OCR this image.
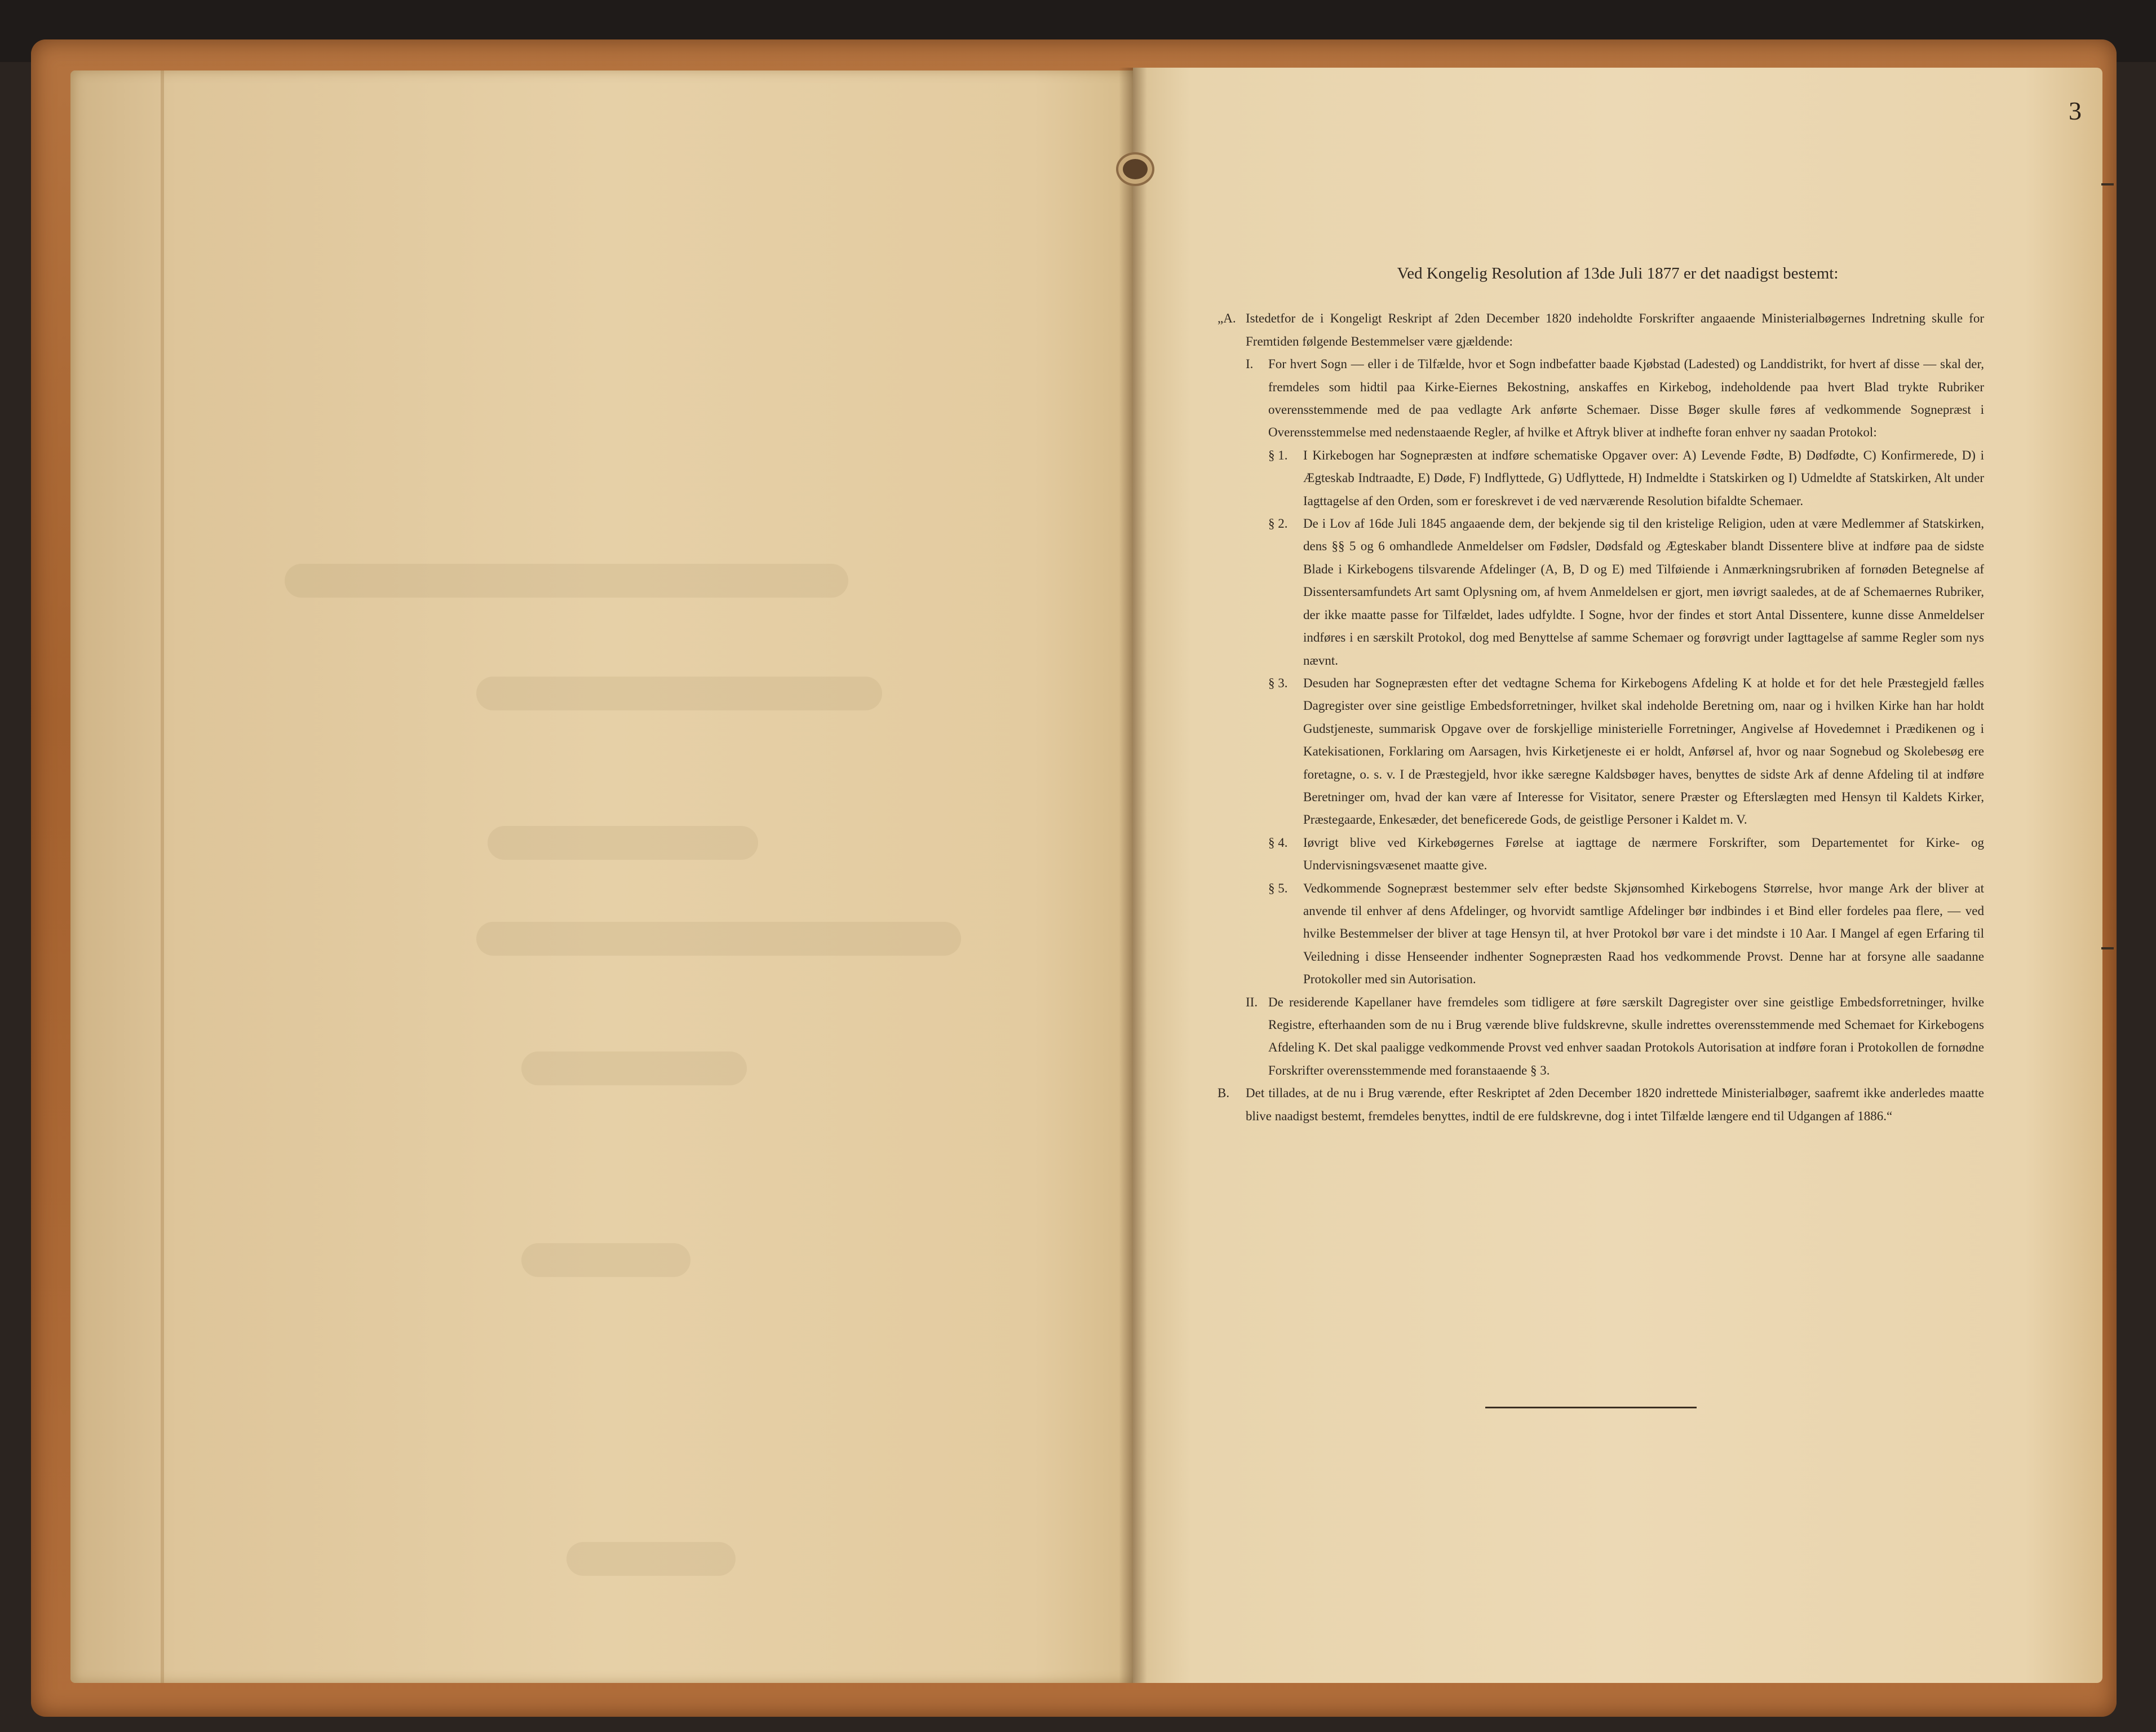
3
Ved Kongelig Resolution af 13de Juli 1877 er det naadigst bestemt:
„A. Istedetfor de i Kongeligt Reskript af 2den December 1820 indeholdte Forskrifter angaaende Ministerialbøgernes Indretning skulle for Fremtiden følgende Bestemmelser være gjældende:
I.	For hvert Sogn — eller i de Tilfælde, hvor et Sogn indbefatter baade Kjøbstad (Ladested) og Landdistrikt, for hvert af disse — skal der, fremdeles som hidtil paa Kirke-Eiernes Bekostning, anskaffes en Kirkebog, indeholdende paa hvert Blad trykte Rubriker overensstemmende med de paa vedlagte Ark anførte Schemaer. Disse Bøger skulle føres af vedkommende Sognepræst i Overensstemmelse med nedenstaaende Regler, af hvilke et Aftryk bliver at indhefte foran enhver ny saadan Protokol:
§ 1.	I Kirkebogen har Sognepræsten at indføre schematiske Opgaver over: A) Levende Fødte, B) Dødfødte, C) Konfirmerede, D) i Ægteskab Indtraadte, E) Døde, F) Indflyttede, G) Udflyttede, H) Indmeldte i Statskirken og I) Udmeldte af Statskirken, Alt under Iagttagelse af den Orden, som er foreskrevet i de ved nærværende Resolution bifaldte Schemaer.
§ 2.	De i Lov af 16de Juli 1845 angaaende dem, der bekjende sig til den kristelige Religion, uden at være Medlemmer af Statskirken, dens §§ 5 og 6 omhandlede Anmeldelser om Fødsler, Dødsfald og Ægteskaber blandt Dissentere blive at indføre paa de sidste Blade i Kirkebogens tilsvarende Afdelinger (A, B, D og E) med Tilføiende i Anmærkningsrubriken af fornøden Betegnelse af Dissentersamfundets Art samt Oplysning om, af hvem Anmeldelsen er gjort, men iøvrigt saaledes, at de af Schemaernes Rubriker, der ikke maatte passe for Tilfældet, lades udfyldte. I Sogne, hvor der findes et stort Antal Dissentere, kunne disse Anmeldelser indføres i en særskilt Protokol, dog med Benyttelse af samme Schemaer og forøvrigt under Iagttagelse af samme Regler som nys nævnt.
§ 3.	Desuden har Sognepræsten efter det vedtagne Schema for Kirkebogens Afdeling K at holde et for det hele Præstegjeld fælles Dagregister over sine geistlige Embedsforretninger, hvilket skal indeholde Beretning om, naar og i hvilken Kirke han har holdt Gudstjeneste, summarisk Opgave over de forskjellige ministerielle Forretninger, Angivelse af Hovedemnet i Prædikenen og i Katekisationen, Forklaring om Aarsagen, hvis Kirketjeneste ei er holdt, Anførsel af, hvor og naar Sognebud og Skolebesøg ere foretagne, o. s. v. I de Præstegjeld, hvor ikke særegne Kaldsbøger haves, benyttes de sidste Ark af denne Afdeling til at indføre Beretninger om, hvad der kan være af Interesse for Visitator, senere Præster og Efterslægten med Hensyn til Kaldets Kirker, Præstegaarde, Enkesæder, det beneficerede Gods, de geistlige Personer i Kaldet m. V.
§ 4.	Iøvrigt blive ved Kirkebøgernes Førelse at iagttage de nærmere Forskrifter, som Departementet for Kirke- og Undervisningsvæsenet maatte give.
§ 5.	Vedkommende Sognepræst bestemmer selv efter bedste Skjønsomhed Kirkebogens Størrelse, hvor mange Ark der bliver at anvende til enhver af dens Afdelinger, og hvorvidt samtlige Afdelinger bør indbindes i et Bind eller fordeles paa flere, — ved hvilke Bestemmelser der bliver at tage Hensyn til, at hver Protokol bør vare i det mindste i 10 Aar. I Mangel af egen Erfaring til Veiledning i disse Henseender indhenter Sognepræsten Raad hos vedkommende Provst. Denne har at forsyne alle saadanne Protokoller med sin Autorisation.
II. De residerende Kapellaner have fremdeles som tidligere at føre særskilt Dagregister over sine geistlige Embedsforretninger, hvilke Registre, efterhaanden som de nu i Brug værende blive fuldskrevne, skulle indrettes overensstemmende med Schemaet for Kirkebogens Afdeling K. Det skal paaligge vedkommende Provst ved enhver saadan Protokols Autorisation at indføre foran i Protokollen de fornødne Forskrifter overensstemmende med foranstaaende § 3.
B.	Det tillades, at de nu i Brug værende, efter Reskriptet af 2den December 1820 indrettede Ministerialbøger, saafremt ikke anderledes maatte blive naadigst bestemt, fremdeles benyttes, indtil de ere fuldskrevne, dog i intet Tilfælde længere end til Udgangen af 1886.“
